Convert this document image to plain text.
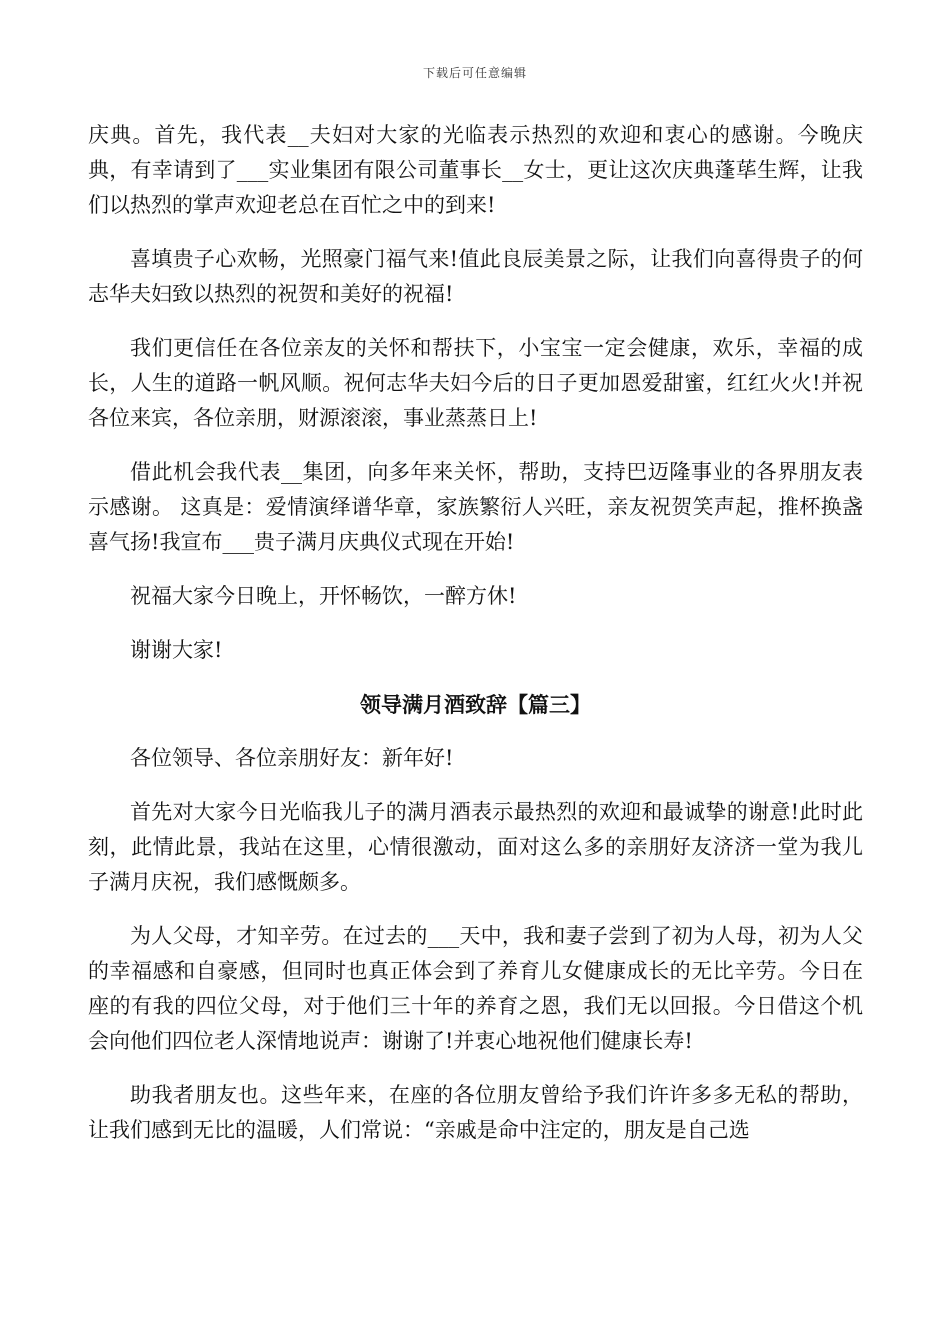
下载后可任意编辑

庆典。首先，我代表__夫妇对大家的光临表示热烈的欢迎和衷心的感谢。今晚庆典，有幸请到了___实业集团有限公司董事长__女士，更让这次庆典蓬荜生辉，让我们以热烈的掌声欢迎老总在百忙之中的到来!

喜填贵子心欢畅，光照豪门福气来!值此良辰美景之际，让我们向喜得贵子的何志华夫妇致以热烈的祝贺和美好的祝福!

我们更信任在各位亲友的关怀和帮扶下，小宝宝一定会健康，欢乐，幸福的成长，人生的道路一帆风顺。祝何志华夫妇今后的日子更加恩爱甜蜜，红红火火!并祝各位来宾，各位亲朋，财源滚滚，事业蒸蒸日上!

借此机会我代表__集团，向多年来关怀，帮助，支持巴迈隆事业的各界朋友表示感谢。 这真是：爱情演绎谱华章，家族繁衍人兴旺，亲友祝贺笑声起，推杯换盏喜气扬!我宣布___贵子满月庆典仪式现在开始!

祝福大家今日晚上，开怀畅饮，一醉方休!

谢谢大家!

领导满月酒致辞【篇三】

各位领导、各位亲朋好友：新年好!

首先对大家今日光临我儿子的满月酒表示最热烈的欢迎和最诚挚的谢意!此时此刻，此情此景，我站在这里，心情很激动，面对这么多的亲朋好友济济一堂为我儿子满月庆祝，我们感慨颇多。

为人父母，才知辛劳。在过去的___天中，我和妻子尝到了初为人母，初为人父的幸福感和自豪感，但同时也真正体会到了养育儿女健康成长的无比辛劳。今日在座的有我的四位父母，对于他们三十年的养育之恩，我们无以回报。今日借这个机会向他们四位老人深情地说声：谢谢了!并衷心地祝他们健康长寿!

助我者朋友也。这些年来，在座的各位朋友曾给予我们许许多多无私的帮助，让我们感到无比的温暖，人们常说：“亲戚是命中注定的，朋友是自己选
